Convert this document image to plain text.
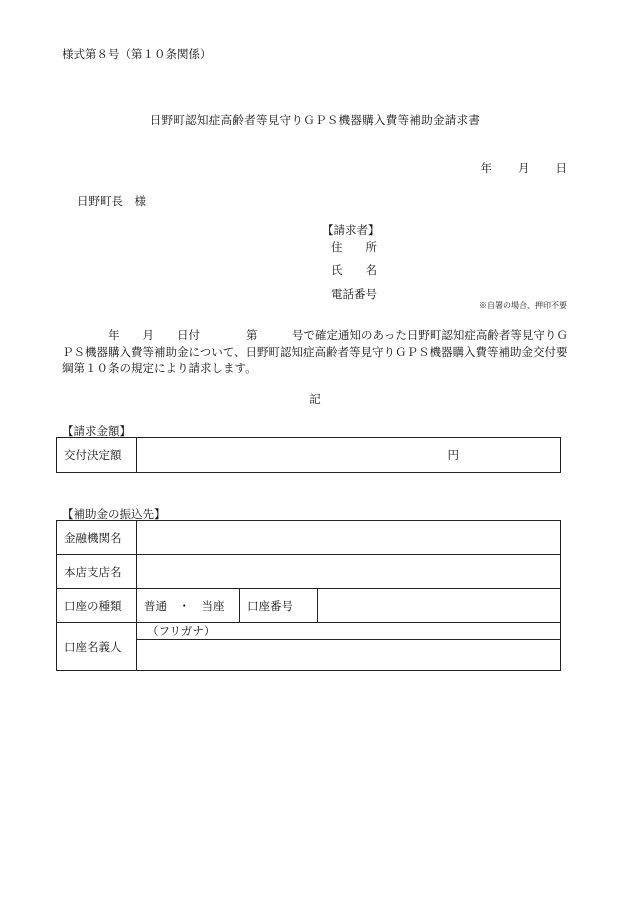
様式第８号（第１０条関係）
日野町認知症高齢者等見守りＧＰＳ機器購入費等補助金請求書
年 月 日
日野町長　様
【請求者】
住　　所
氏　　名
電話番号
※自署の場合、押印不要
　　　　年　　月　　日付　　　　第　　　号で確定通知のあった日野町認知症高齢者等見守りＧＰＳ機器購入費等補助金について、日野町認知症高齢者等見守りＧＰＳ機器購入費等補助金交付要綱第１０条の規定により請求します。
記
【請求金額】
交付決定額	円
【補助金の振込先】
金融機関名			
本店支店名			
口座の種類	普通　・　当座	口座番号	
口座名義人	（フリガナ）		
